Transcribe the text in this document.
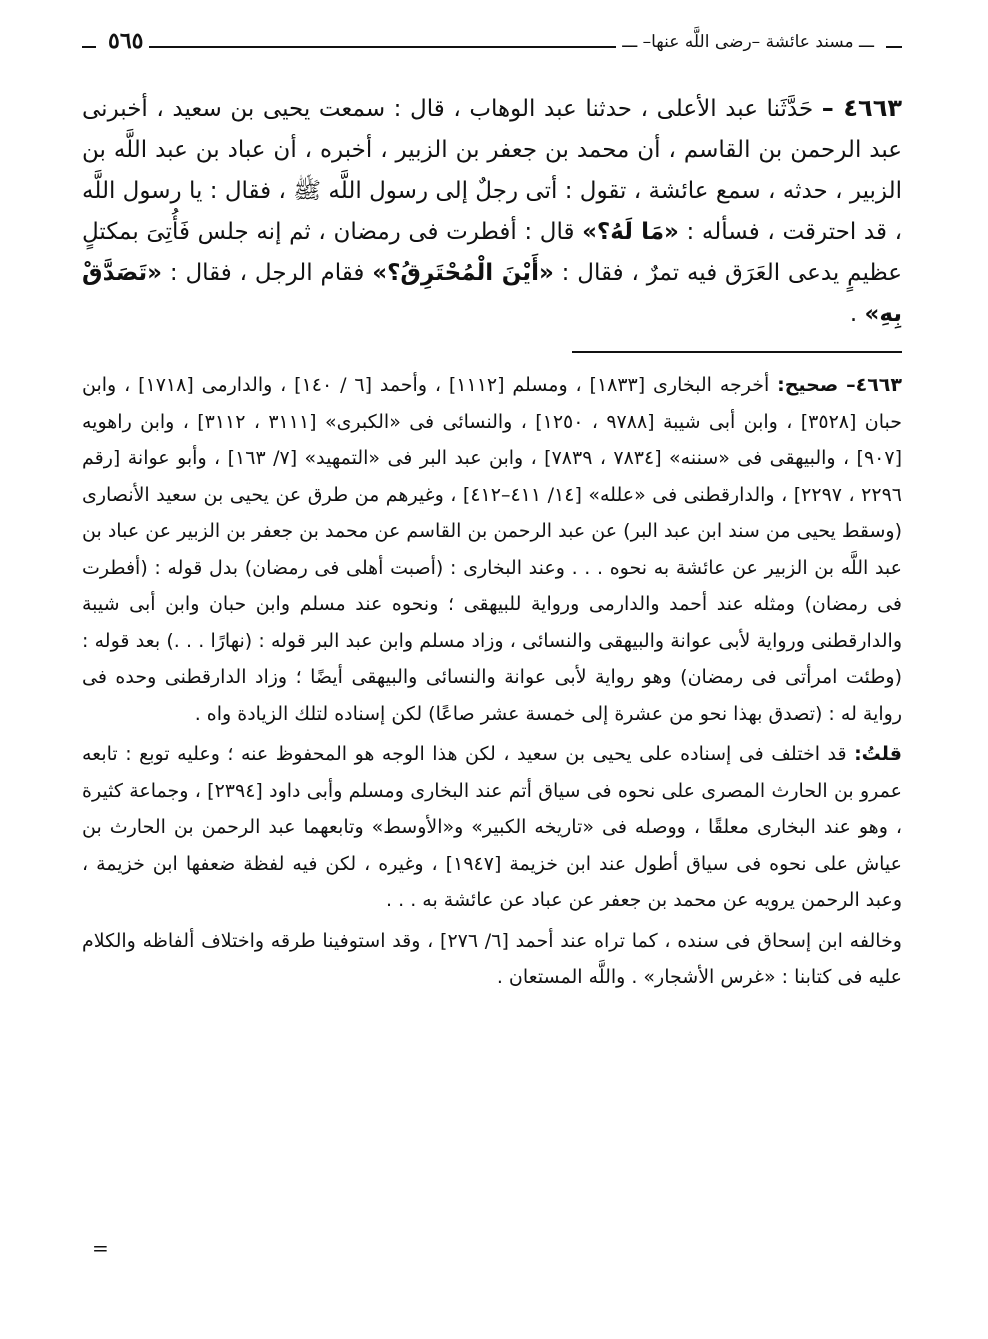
ـــ مسند عائشة –رضى اللَّه عنها– ـــ
٥٦٥
٤٦٦٣ – حَدَّثَنا عبد الأعلى ، حدثنا عبد الوهاب ، قال : سمعت يحيى بن سعيد ، أخبرنى عبد الرحمن بن القاسم ، أن محمد بن جعفر بن الزبير ، أخبره ، أن عباد بن عبد اللَّه بن الزبير ، حدثه ، سمع عائشة ، تقول : أتى رجلٌ إلى رسول اللَّه ﷺ ، فقال : يا رسول اللَّه ، قد احترقت ، فسأله : «مَا لَهُ؟» قال : أفطرت فى رمضان ، ثم إنه جلس فَأُتِىَ بمكتلٍ عظيمٍ يدعى العَرَق فيه تمرٌ ، فقال : «أَيْنَ الْمُحْتَرِقُ؟» فقام الرجل ، فقال : «تَصَدَّقْ بِهِ» .

٤٦٦٣– صحيح: أخرجه البخارى [١٨٣٣] ، ومسلم [١١١٢] ، وأحمد [٦ / ١٤٠] ، والدارمى [١٧١٨] ، وابن حبان [٣٥٢٨] ، وابن أبى شيبة [٩٧٨٨ ، ١٢٥٠] ، والنسائى فى «الكبرى» [٣١١١ ، ٣١١٢] ، وابن راهويه [٩٠٧] ، والبيهقى فى «سننه» [٧٨٣٤ ، ٧٨٣٩] ، وابن عبد البر فى «التمهيد» [٧/ ١٦٣] ، وأبو عوانة [رقم ٢٢٩٦ ، ٢٢٩٧] ، والدارقطنى فى «علله» [١٤/ ٤١١–٤١٢] ، وغيرهم من طرق عن يحيى بن سعيد الأنصارى (وسقط يحيى من سند ابن عبد البر) عن عبد الرحمن بن القاسم عن محمد بن جعفر بن الزبير عن عباد بن عبد اللَّه بن الزبير عن عائشة به نحوه . . . وعند البخارى : (أصبت أهلى فى رمضان) بدل قوله : (أفطرت فى رمضان) ومثله عند أحمد والدارمى ورواية للبيهقى ؛ ونحوه عند مسلم وابن حبان وابن أبى شيبة والدارقطنى ورواية لأبى عوانة والبيهقى والنسائى ، وزاد مسلم وابن عبد البر قوله : (نهارًا . . .) بعد قوله : (وطئت امرأتى فى رمضان) وهو رواية لأبى عوانة والنسائى والبيهقى أيضًا ؛ وزاد الدارقطنى وحده فى رواية له : (تصدق بهذا نحو من عشرة إلى خمسة عشر صاعًا) لكن إسناده لتلك الزيادة واه .

قلتُ: قد اختلف فى إسناده على يحيى بن سعيد ، لكن هذا الوجه هو المحفوظ عنه ؛ وعليه توبع : تابعه عمرو بن الحارث المصرى على نحوه فى سياق أتم عند البخارى ومسلم وأبى داود [٢٣٩٤] ، وجماعة كثيرة ، وهو عند البخارى معلقًا ، ووصله فى «تاريخه الكبير» و«الأوسط» وتابعهما عبد الرحمن بن الحارث بن عياش على نحوه فى سياق أطول عند ابن خزيمة [١٩٤٧] ، وغيره ، لكن فيه لفظة ضعفها ابن خزيمة ، وعبد الرحمن يرويه عن محمد بن جعفر عن عباد عن عائشة به . . .

وخالفه ابن إسحاق فى سنده ، كما تراه عند أحمد [٦/ ٢٧٦] ، وقد استوفينا طرقه واختلاف ألفاظه والكلام عليه فى كتابنا : «غرس الأشجار» . واللَّه المستعان .

=
